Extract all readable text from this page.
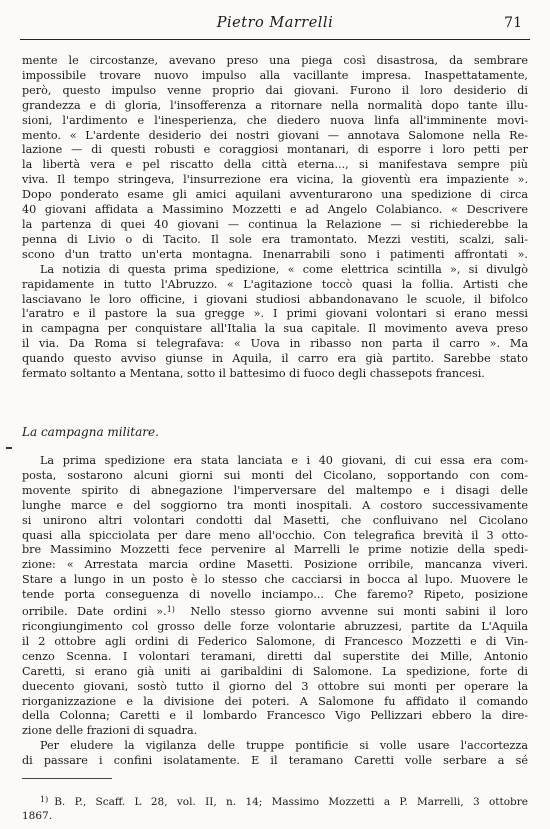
Pietro Marrelli	71
mente le circostanze, avevano preso una piega così disastrosa, da sembrare
impossibile trovare nuovo impulso alla vacillante impresa. Inaspettatamente,
però, questo impulso venne proprio dai giovani. Furono il loro desiderio di
grandezza e di gloria, l'insofferenza a ritornare nella normalità dopo tante illu-
sioni, l'ardimento e l'inesperienza, che diedero nuova linfa all'imminente movi-
mento. « L'ardente desiderio dei nostri giovani — annotava Salomone nella Re-
lazione — di questi robusti e coraggiosi montanari, di esporre i loro petti per
la libertà vera e pel riscatto della città eterna..., si manifestava sempre più
viva. Il tempo stringeva, l'insurrezione era vicina, la gioventù era impaziente ».
Dopo ponderato esame gli amici aquilani avventurarono una spedizione di circa
40 giovani affidata a Massimino Mozzetti e ad Angelo Colabianco. « Descrivere
la partenza di quei 40 giovani — continua la Relazione — si richiederebbe la
penna di Livio o di Tacito. Il sole era tramontato. Mezzi vestiti, scalzi, sali-
scono d'un tratto un'erta montagna. Inenarrabili sono i patimenti affrontati ».
La notizia di questa prima spedizione, « come elettrica scintilla », si divulgò
rapidamente in tutto l'Abruzzo. « L'agitazione toccò quasi la follia. Artisti che
lasciavano le loro officine, i giovani studiosi abbandonavano le scuole, il bifolco
l'aratro e il pastore la sua gregge ». I primi giovani volontari si erano messi
in campagna per conquistare all'Italia la sua capitale. Il movimento aveva preso
il via. Da Roma si telegrafava: « Uova in ribasso non parta il carro ». Ma
quando questo avviso giunse in Aquila, il carro era già partito. Sarebbe stato
fermato soltanto a Mentana, sotto il battesimo di fuoco degli chassepots francesi.
La campagna militare.
La prima spedizione era stata lanciata e i 40 giovani, di cui essa era com-
posta, sostarono alcuni giorni sui monti del Cicolano, sopportando con com-
movente spirito di abnegazione l'imperversare del maltempo e i disagi delle
lunghe marce e del soggiorno tra monti inospitali. A costoro successivamente
si unirono altri volontari condotti dal Masetti, che confluivano nel Cicolano
quasi alla spicciolata per dare meno all'occhio. Con telegrafica brevità il 3 otto-
bre Massimino Mozzetti fece pervenire al Marrelli le prime notizie della spedi-
zione: « Arrestata marcia ordine Masetti. Posizione orribile, mancanza viveri.
Stare a lungo in un posto è lo stesso che cacciarsi in bocca al lupo. Muovere le
tende porta conseguenza di novello inciampo... Che faremo? Ripeto, posizione
orribile. Date ordini ».$^{1)}$ Nello stesso giorno avvenne sui monti sabini il loro
ricongiungimento col grosso delle forze volontarie abruzzesi, partite da L'Aquila
il 2 ottobre agli ordini di Federico Salomone, di Francesco Mozzetti e di Vin-
cenzo Scenna. I volontari teramani, diretti dal superstite dei Mille, Antonio
Caretti, si erano già uniti ai garibaldini di Salomone. La spedizione, forte di
duecento giovani, sostò tutto il giorno del 3 ottobre sui monti per operare la
riorganizzazione e la divisione dei poteri. A Salomone fu affidato il comando
della Colonna; Caretti e il lombardo Francesco Vigo Pellizzari ebbero la dire-
zione delle frazioni di squadra.
Per eludere la vigilanza delle truppe pontificie si volle usare l'accortezza
di passare i confini isolatamente. E il teramano Caretti volle serbare a sé
$^{1)}$ B. P., Scaff. L 28, vol. II, n. 14; Massimo Mozzetti a P. Marrelli, 3 ottobre
1867.
